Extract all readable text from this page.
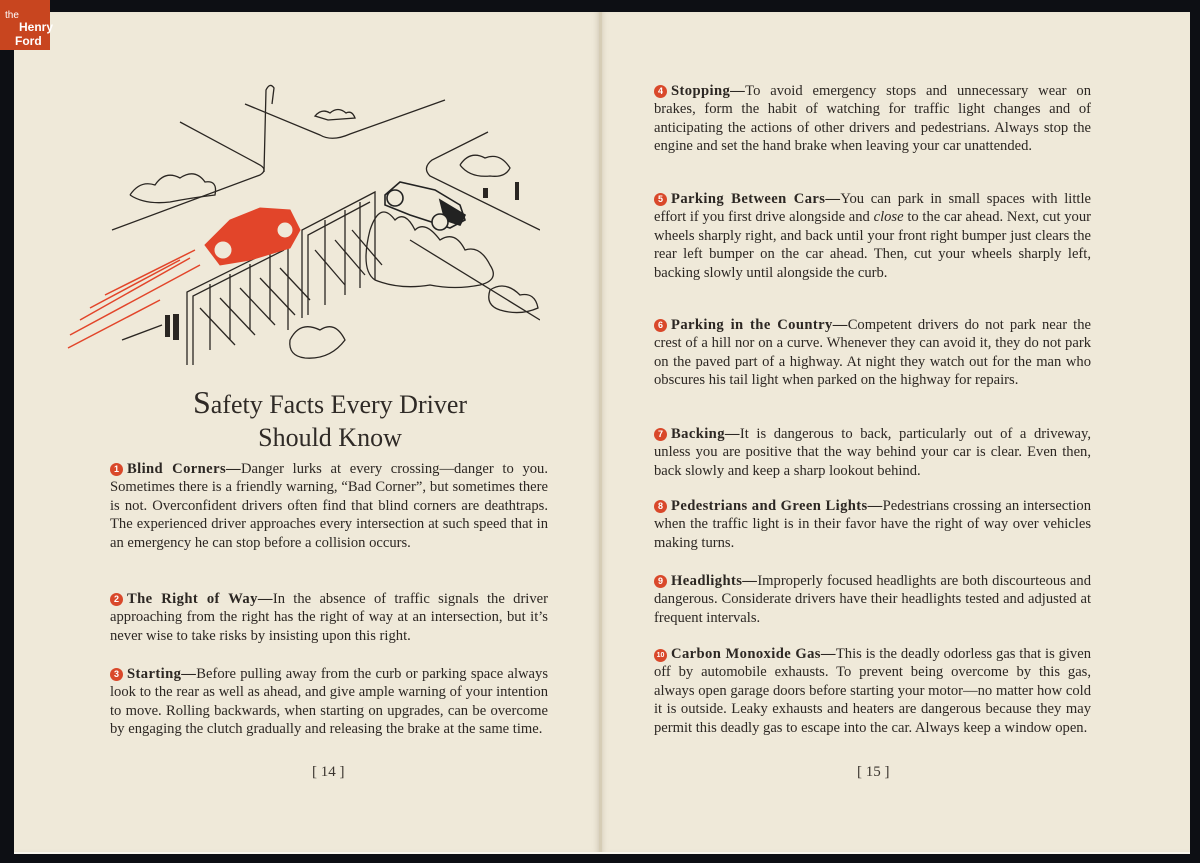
the
Henry
Ford
Safety Facts Every Driver
Should Know
1 Blind Corners—Danger lurks at every crossing—danger to you. Sometimes there is a friendly warning, “Bad Corner”, but sometimes there is not. Overconfident drivers often find that blind corners are deathtraps. The experienced driver approaches every intersection at such speed that in an emergency he can stop before a collision occurs.
2 The Right of Way—In the absence of traffic signals the driver approaching from the right has the right of way at an intersection, but it’s never wise to take risks by insisting upon this right.
3 Starting—Before pulling away from the curb or parking space always look to the rear as well as ahead, and give ample warning of your intention to move. Rolling backwards, when starting on upgrades, can be overcome by engaging the clutch gradually and releasing the brake at the same time.
[ 14 ]
4 Stopping—To avoid emergency stops and unnecessary wear on brakes, form the habit of watching for traffic light changes and of anticipating the actions of other drivers and pedestrians. Always stop the engine and set the hand brake when leaving your car unattended.
5 Parking Between Cars—You can park in small spaces with little effort if you first drive alongside and close to the car ahead. Next, cut your wheels sharply right, and back until your front right bumper just clears the rear left bumper on the car ahead. Then, cut your wheels sharply left, backing slowly until alongside the curb.
6 Parking in the Country—Competent drivers do not park near the crest of a hill nor on a curve. Whenever they can avoid it, they do not park on the paved part of a highway. At night they watch out for the man who obscures his tail light when parked on the highway for repairs.
7 Backing—It is dangerous to back, particularly out of a driveway, unless you are positive that the way behind your car is clear. Even then, back slowly and keep a sharp lookout behind.
8 Pedestrians and Green Lights—Pedestrians crossing an intersection when the traffic light is in their favor have the right of way over vehicles making turns.
9 Headlights—Improperly focused headlights are both discourteous and dangerous. Considerate drivers have their headlights tested and adjusted at frequent intervals.
10 Carbon Monoxide Gas—This is the deadly odorless gas that is given off by automobile exhausts. To prevent being overcome by this gas, always open garage doors before starting your motor—no matter how cold it is outside. Leaky exhausts and heaters are dangerous because they may permit this deadly gas to escape into the car. Always keep a window open.
[ 15 ]
